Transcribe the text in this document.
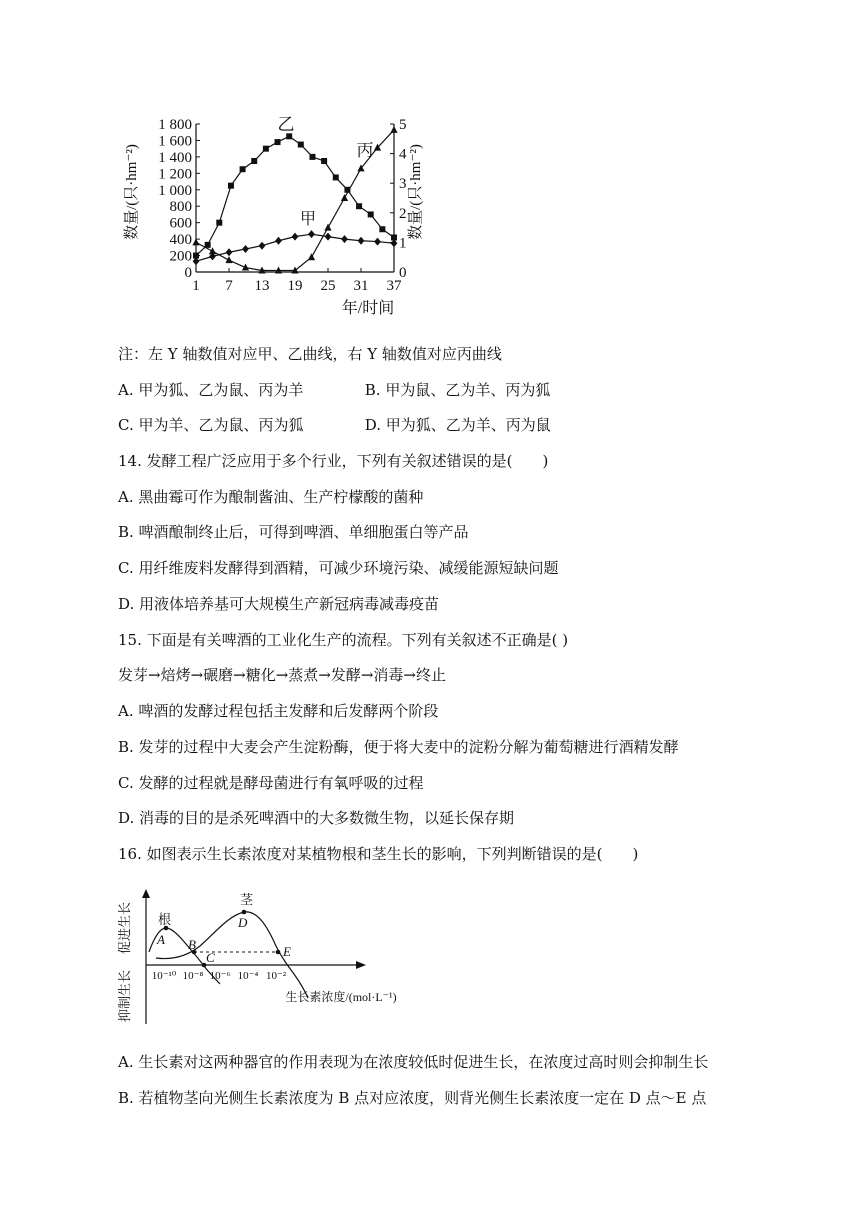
0
200
400
600
800
1 000
1 200
1 400
1 600
1 800
0
1
2
3
4
5
1 7 13 19 25 31 37
数量/(只·hm⁻²)	数量/(只·hm⁻²)
年/时间
乙
丙
甲
注：左 Y 轴数值对应甲、乙曲线，右 Y 轴数值对应丙曲线
A. 甲为狐、乙为鼠、丙为羊	B. 甲为鼠、乙为羊、丙为狐
C. 甲为羊、乙为鼠、丙为狐	D. 甲为狐、乙为羊、丙为鼠
14. 发酵工程广泛应用于多个行业，下列有关叙述错误的是(　　)
A. 黑曲霉可作为酿制酱油、生产柠檬酸的菌种
B. 啤酒酿制终止后，可得到啤酒、单细胞蛋白等产品
C. 用纤维废料发酵得到酒精，可减少环境污染、减缓能源短缺问题
D. 用液体培养基可大规模生产新冠病毒减毒疫苗
15. 下面是有关啤酒的工业化生产的流程。下列有关叙述不正确是( )
发芽→焙烤→碾磨→糖化→蒸煮→发酵→消毒→终止
A. 啤酒的发酵过程包括主发酵和后发酵两个阶段
B. 发芽的过程中大麦会产生淀粉酶，便于将大麦中的淀粉分解为葡萄糖进行酒精发酵
C. 发酵的过程就是酵母菌进行有氧呼吸的过程
D. 消毒的目的是杀死啤酒中的大多数微生物，以延长保存期
16. 如图表示生长素浓度对某植物根和茎生长的影响，下列判断错误的是(　　)
促进生长
抑制生长
根
茎
A B
C
D
E
10⁻¹⁰ 10⁻⁸ 10⁻⁶ 10⁻⁴ 10⁻²
生长素浓度/(mol·L⁻¹)
A. 生长素对这两种器官的作用表现为在浓度较低时促进生长，在浓度过高时则会抑制生长
B. 若植物茎向光侧生长素浓度为 B 点对应浓度，则背光侧生长素浓度一定在 D 点～E 点
